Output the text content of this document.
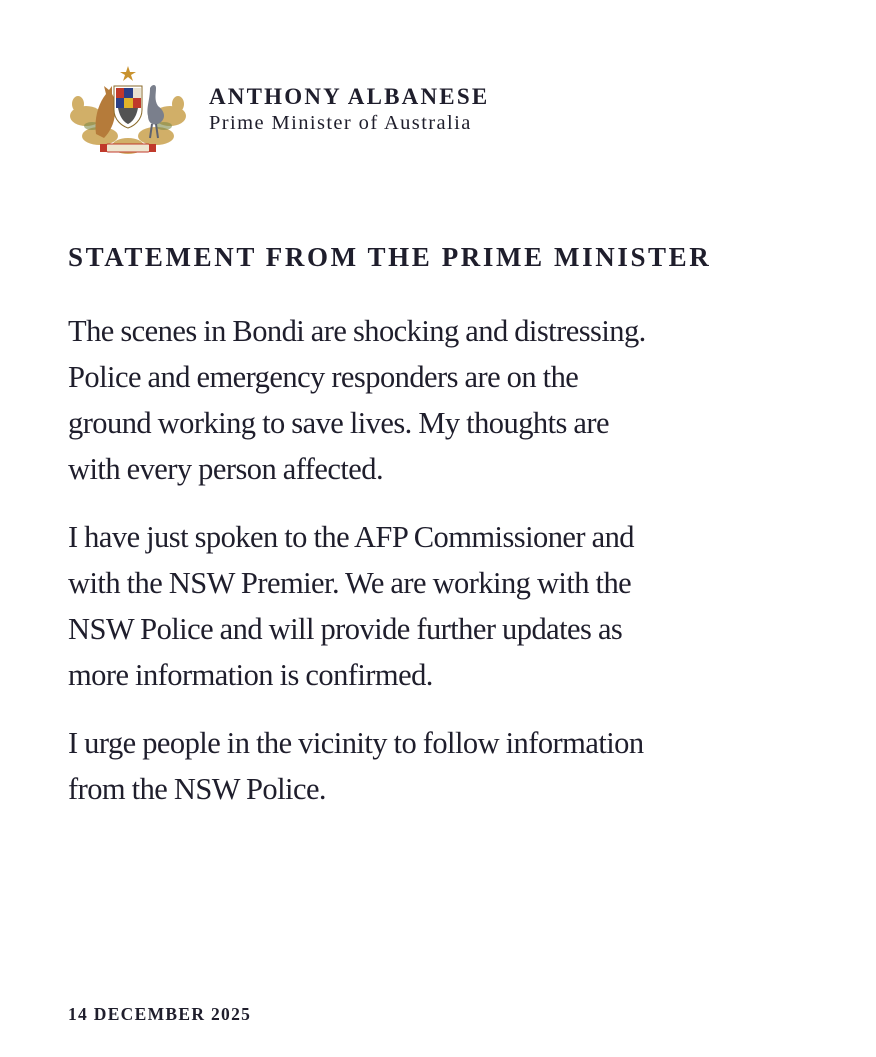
ANTHONY ALBANESE

Prime Minister of Australia

STATEMENT FROM THE PRIME MINISTER

The scenes in Bondi are shocking and distressing.
Police and emergency responders are on the
ground working to save lives. My thoughts are
with every person affected.

I have just spoken to the AFP Commissioner and
with the NSW Premier. We are working with the
NSW Police and will provide further updates as
more information is confirmed.

I urge people in the vicinity to follow information
from the NSW Police.

14 DECEMBER 2025
